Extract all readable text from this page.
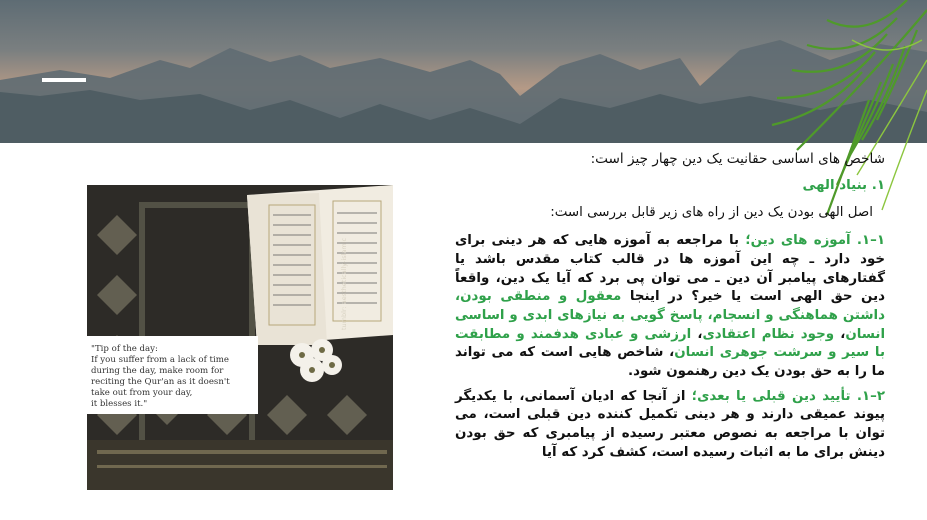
"Tip of the day:
If you suffer from a lack of time
during the day, make room for
reciting the Qur'an as it doesn't
take out from your day,
it blesses it."
tumblr: aesthetically-islamic

شاخص های اساسی حقانیت یک دین چهار چیز است:

۱. بنیاد الهی

اصل الهی بودن یک دین از راه های زیر قابل بررسی است:

۱–۱. آموزه های دین؛ با مراجعه به آموزه هایی که هر دینی برای خود دارد ـ چه این آموزه ها در قالب کتاب مقدس باشد یا گفتارهای پیامبر آن دین ـ می توان پی برد که آیا یک دین، واقعاً دین حق الهی است یا خیر؟ در اینجا معقول و منطقی بودن، داشتن هماهنگی و انسجام، پاسخ گویی به نیازهای ابدی و اساسی انسان، وجود نظام اعتقادی، ارزشی و عبادی هدفمند و مطابقت با سیر و سرشت جوهری انسان، شاخص هایی است که می تواند ما را به حق بودن یک دین رهنمون شود.

۲–۱. تأیید دین قبلی یا بعدی؛ از آنجا که ادیان آسمانی، با یکدیگر پیوند عمیقی دارند و هر دینی تکمیل کننده دین قبلی است، می توان با مراجعه به نصوص معتبر رسیده از پیامبری که حق بودن دینش برای ما به اثبات رسیده است، کشف کرد که آیا
